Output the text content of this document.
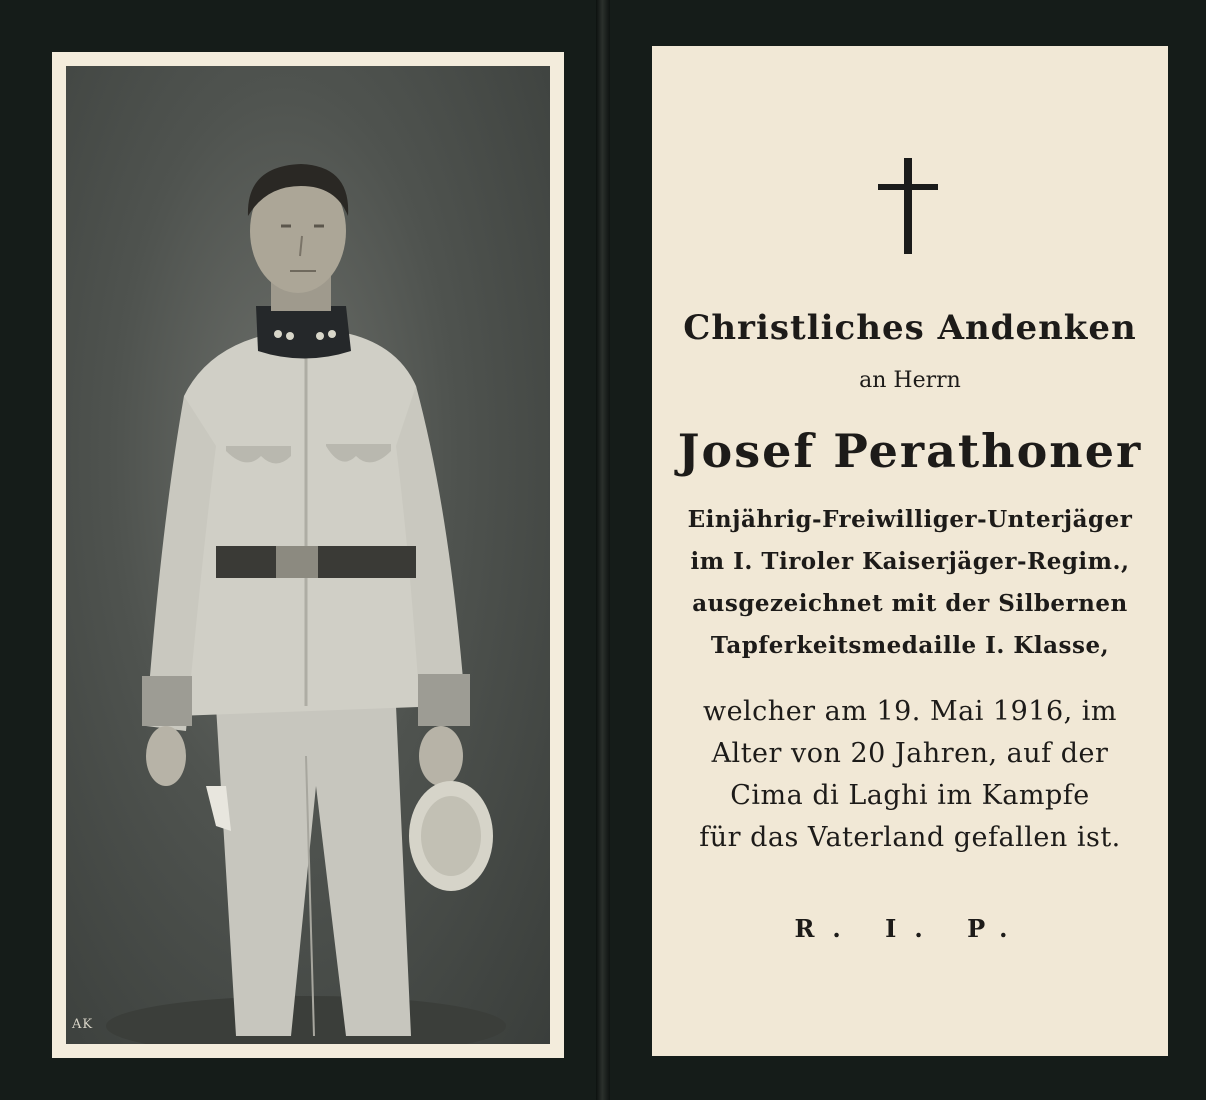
AK
Christliches Andenken
an Herrn
Josef Perathoner
Einjährig-Freiwilliger-Unterjäger
im I. Tiroler Kaiserjäger-Regim.,
ausgezeichnet mit der Silbernen
Tapferkeitsmedaille I. Klasse,
welcher am 19. Mai 1916, im
Alter von 20 Jahren, auf der
Cima di Laghi im Kampfe
für das Vaterland gefallen ist.
R. I. P.
